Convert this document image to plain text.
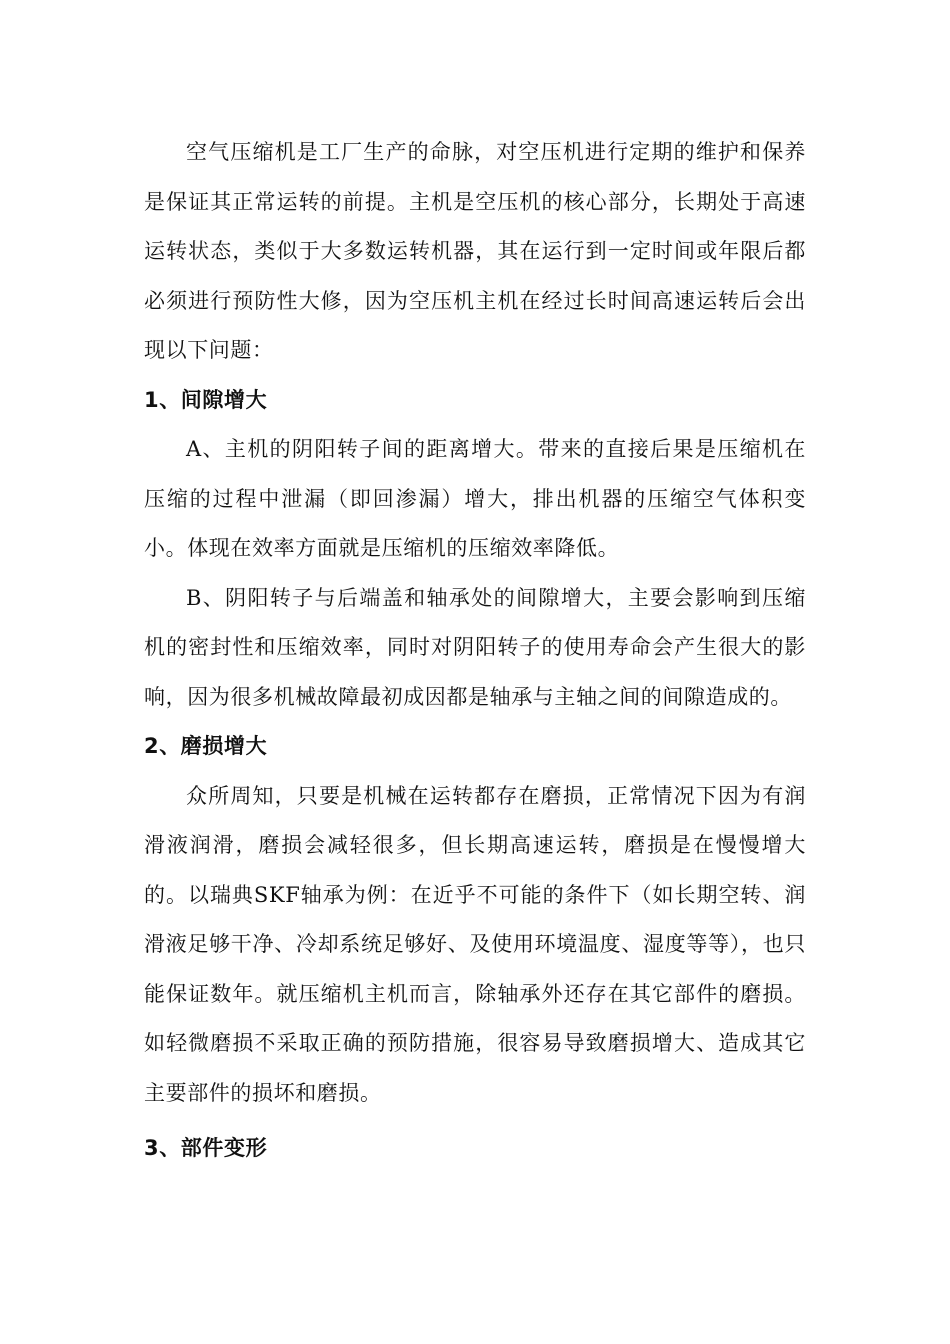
空气压缩机是工厂生产的命脉，对空压机进行定期的维护和保养是保证其正常运转的前提。主机是空压机的核心部分，长期处于高速运转状态，类似于大多数运转机器，其在运行到一定时间或年限后都必须进行预防性大修，因为空压机主机在经过长时间高速运转后会出现以下问题：

1、间隙增大

A、主机的阴阳转子间的距离增大。带来的直接后果是压缩机在压缩的过程中泄漏（即回渗漏）增大，排出机器的压缩空气体积变小。体现在效率方面就是压缩机的压缩效率降低。

B、阴阳转子与后端盖和轴承处的间隙增大，主要会影响到压缩机的密封性和压缩效率，同时对阴阳转子的使用寿命会产生很大的影响，因为很多机械故障最初成因都是轴承与主轴之间的间隙造成的。

2、磨损增大

众所周知，只要是机械在运转都存在磨损，正常情况下因为有润滑液润滑，磨损会减轻很多，但长期高速运转，磨损是在慢慢增大的。以瑞典SKF轴承为例：在近乎不可能的条件下（如长期空转、润滑液足够干净、冷却系统足够好、及使用环境温度、湿度等等），也只能保证数年。就压缩机主机而言，除轴承外还存在其它部件的磨损。如轻微磨损不采取正确的预防措施，很容易导致磨损增大、造成其它主要部件的损坏和磨损。

3、部件变形
